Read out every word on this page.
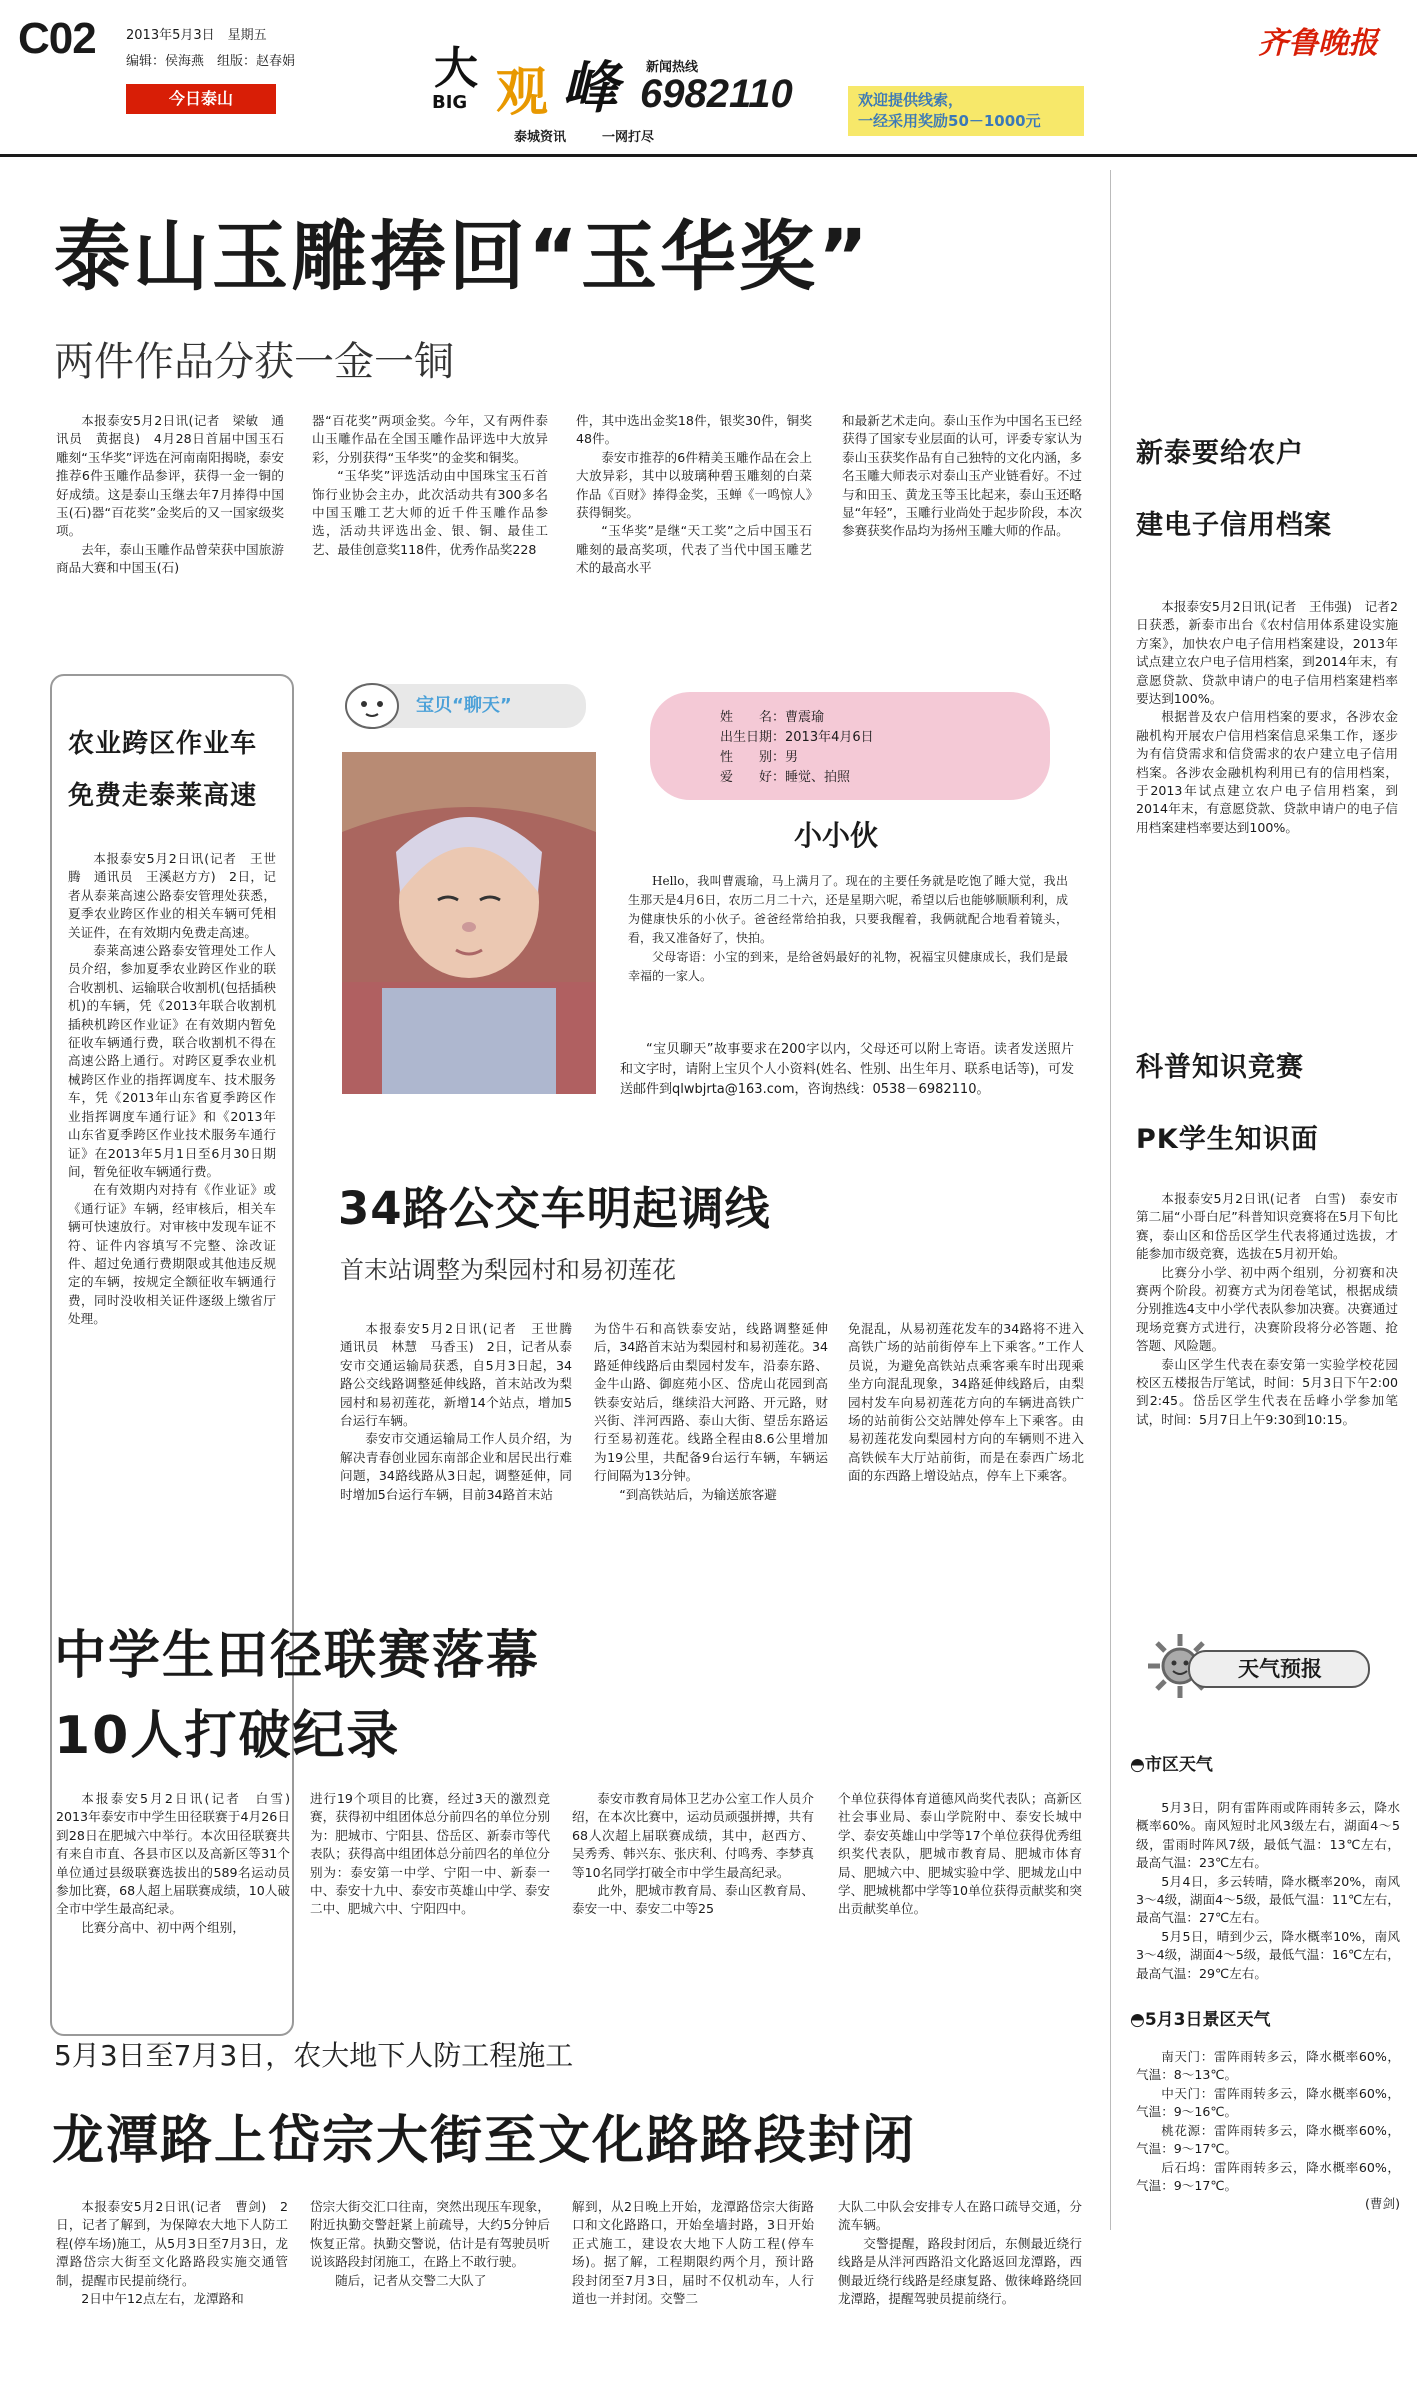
C02 2013年5月3日　星期五
编辑：侯海燕　组版：赵春娟
今日泰山
大
BIG 观 峰 新闻热线
6982110
泰城资讯	一网打尽
欢迎提供线索，
一经采用奖励50－1000元
齐鲁晚报
泰山玉雕捧回“玉华奖”
两件作品分获一金一铜

本报泰安5月2日讯(记者　梁敏　通讯员　黄据良)　4月28日首届中国玉石雕刻“玉华奖”评选在河南南阳揭晓，泰安推荐6件玉雕作品参评，获得一金一铜的好成绩。这是泰山玉继去年7月捧得中国玉(石)器“百花奖”金奖后的又一国家级奖项。

去年，泰山玉雕作品曾荣获中国旅游商品大赛和中国玉(石)

器“百花奖”两项金奖。今年，又有两件泰山玉雕作品在全国玉雕作品评选中大放异彩，分别获得“玉华奖”的金奖和铜奖。

“玉华奖”评选活动由中国珠宝玉石首饰行业协会主办，此次活动共有300多名中国玉雕工艺大师的近千件玉雕作品参选，活动共评选出金、银、铜、最佳工艺、最佳创意奖118件，优秀作品奖228

件，其中选出金奖18件，银奖30件，铜奖48件。

泰安市推荐的6件精美玉雕作品在会上大放异彩，其中以玻璃种碧玉雕刻的白菜作品《百财》捧得金奖，玉蝉《一鸣惊人》获得铜奖。

“玉华奖”是继“天工奖”之后中国玉石雕刻的最高奖项，代表了当代中国玉雕艺术的最高水平

和最新艺术走向。泰山玉作为中国名玉已经获得了国家专业层面的认可，评委专家认为泰山玉获奖作品有自己独特的文化内涵，多名玉雕大师表示对泰山玉产业链看好。不过与和田玉、黄龙玉等玉比起来，泰山玉还略显“年轻”，玉雕行业尚处于起步阶段，本次参赛获奖作品均为扬州玉雕大师的作品。

新泰要给农户
建电子信用档案

本报泰安5月2日讯(记者　王伟强)　记者2日获悉，新泰市出台《农村信用体系建设实施方案》，加快农户电子信用档案建设，2013年试点建立农户电子信用档案，到2014年末，有意愿贷款、贷款申请户的电子信用档案建档率要达到100%。

根据普及农户信用档案的要求，各涉农金融机构开展农户信用档案信息采集工作，逐步为有信贷需求和信贷需求的农户建立电子信用档案。各涉农金融机构利用已有的信用档案，于2013年试点建立农户电子信用档案，到2014年末，有意愿贷款、贷款申请户的电子信用档案建档率要达到100%。

科普知识竞赛
PK学生知识面

本报泰安5月2日讯(记者　白雪)　泰安市第二届“小哥白尼”科普知识竞赛将在5月下旬比赛，泰山区和岱岳区学生代表将通过选拔，才能参加市级竞赛，选拔在5月初开始。

比赛分小学、初中两个组别，分初赛和决赛两个阶段。初赛方式为闭卷笔试，根据成绩分别推选4支中小学代表队参加决赛。决赛通过现场竞赛方式进行，决赛阶段将分必答题、抢答题、风险题。

泰山区学生代表在泰安第一实验学校花园校区五楼报告厅笔试，时间：5月3日下午2:00到2:45。岱岳区学生代表在岳峰小学参加笔试，时间：5月7日上午9:30到10:15。

天气预报
◓市区天气

5月3日，阴有雷阵雨或阵雨转多云，降水概率60%。南风短时北风3级左右，湖面4～5级，雷雨时阵风7级，最低气温：13℃左右，最高气温：23℃左右。

5月4日，多云转晴，降水概率20%，南风3～4级，湖面4～5级，最低气温：11℃左右，最高气温：27℃左右。

5月5日，晴到少云，降水概率10%，南风3～4级，湖面4～5级，最低气温：16℃左右，最高气温：29℃左右。

◓5月3日景区天气

南天门：雷阵雨转多云，降水概率60%，气温：8～13℃。

中天门：雷阵雨转多云，降水概率60%，气温：9～16℃。

桃花源：雷阵雨转多云，降水概率60%，气温：9～17℃。

后石坞：雷阵雨转多云，降水概率60%，气温：9～17℃。

(曹剑)

农业跨区作业车
免费走泰莱高速

本报泰安5月2日讯(记者　王世腾　通讯员　王溪赵方方)　2日，记者从泰莱高速公路泰安管理处获悉，夏季农业跨区作业的相关车辆可凭相关证件，在有效期内免费走高速。

泰莱高速公路泰安管理处工作人员介绍，参加夏季农业跨区作业的联合收割机、运输联合收割机(包括插秧机)的车辆，凭《2013年联合收割机插秧机跨区作业证》在有效期内暂免征收车辆通行费，联合收割机不得在高速公路上通行。对跨区夏季农业机械跨区作业的指挥调度车、技术服务车，凭《2013年山东省夏季跨区作业指挥调度车通行证》和《2013年山东省夏季跨区作业技术服务车通行证》在2013年5月1日至6月30日期间，暂免征收车辆通行费。

在有效期内对持有《作业证》或《通行证》车辆，经审核后，相关车辆可快速放行。对审核中发现车证不符、证件内容填写不完整、涂改证件、超过免通行费期限或其他违反规定的车辆，按规定全额征收车辆通行费，同时没收相关证件逐级上缴省厅处理。

宝贝“聊天”
姓　　名：曹震瑜
出生日期：2013年4月6日
性　　别：男
爱　　好：睡觉、拍照
小小伙

Hello，我叫曹震瑜，马上满月了。现在的主要任务就是吃饱了睡大觉，我出生那天是4月6日，农历二月二十六，还是星期六呢，希望以后也能够顺顺利利，成为健康快乐的小伙子。爸爸经常给拍我，只要我醒着，我俩就配合地看着镜头，看，我又准备好了，快拍。

父母寄语：小宝的到来，是给爸妈最好的礼物，祝福宝贝健康成长，我们是最幸福的一家人。

“宝贝聊天”故事要求在200字以内，父母还可以附上寄语。读者发送照片和文字时，请附上宝贝个人小资料(姓名、性别、出生年月、联系电话等)，可发送邮件到qlwbjrta@163.com，咨询热线：0538－6982110。

34路公交车明起调线
首末站调整为梨园村和易初莲花

本报泰安5月2日讯(记者　王世腾　通讯员　林慧　马香玉)　2日，记者从泰安市交通运输局获悉，自5月3日起，34路公交线路调整延伸线路，首末站改为梨园村和易初莲花，新增14个站点，增加5台运行车辆。

泰安市交通运输局工作人员介绍，为解决青春创业园东南部企业和居民出行难问题，34路线路从3日起，调整延伸，同时增加5台运行车辆，目前34路首末站

为岱牛石和高铁泰安站，线路调整延伸后，34路首末站为梨园村和易初莲花。34路延伸线路后由梨园村发车，沿泰东路、金牛山路、御庭苑小区、岱虎山花园到高铁泰安站后，继续沿大河路、开元路，财兴街、泮河西路、泰山大街、望岳东路运行至易初莲花。线路全程由8.6公里增加为19公里，共配备9台运行车辆，车辆运行间隔为13分钟。

“到高铁站后，为输送旅客避

免混乱，从易初莲花发车的34路将不进入高铁广场的站前街停车上下乘客。”工作人员说，为避免高铁站点乘客乘车时出现乘坐方向混乱现象，34路延伸线路后，由梨园村发车向易初莲花方向的车辆进高铁广场的站前街公交站牌处停车上下乘客。由易初莲花发向梨园村方向的车辆则不进入高铁候车大厅站前街，而是在泰西广场北面的东西路上增设站点，停车上下乘客。

中学生田径联赛落幕
10人打破纪录

本报泰安5月2日讯(记者　白雪)　2013年泰安市中学生田径联赛于4月26日到28日在肥城六中举行。本次田径联赛共有来自市直、各县市区以及高新区等31个单位通过县级联赛选拔出的589名运动员参加比赛，68人超上届联赛成绩，10人破全市中学生最高纪录。

比赛分高中、初中两个组别，

进行19个项目的比赛，经过3天的激烈竞赛，获得初中组团体总分前四名的单位分别为：肥城市、宁阳县、岱岳区、新泰市等代表队；获得高中组团体总分前四名的单位分别为：泰安第一中学、宁阳一中、新泰一中、泰安十九中、泰安市英雄山中学、泰安二中、肥城六中、宁阳四中。

泰安市教育局体卫艺办公室工作人员介绍，在本次比赛中，运动员顽强拼搏，共有68人次超上届联赛成绩，其中，赵西方、吴秀秀、韩兴东、张庆利、付鸣秀、李梦真等10名同学打破全市中学生最高纪录。

此外，肥城市教育局、泰山区教育局、泰安一中、泰安二中等25

个单位获得体育道德风尚奖代表队；高新区社会事业局、泰山学院附中、泰安长城中学、泰安英雄山中学等17个单位获得优秀组织奖代表队，肥城市教育局、肥城市体育局、肥城六中、肥城实验中学、肥城龙山中学、肥城桃都中学等10单位获得贡献奖和突出贡献奖单位。

5月3日至7月3日，农大地下人防工程施工
龙潭路上岱宗大街至文化路路段封闭

本报泰安5月2日讯(记者　曹剑)　2日，记者了解到，为保障农大地下人防工程(停车场)施工，从5月3日至7月3日，龙潭路岱宗大街至文化路路段实施交通管制，提醒市民提前绕行。

2日中午12点左右，龙潭路和

岱宗大街交汇口往南，突然出现压车现象，附近执勤交警赶紧上前疏导，大约5分钟后恢复正常。执勤交警说，估计是有驾驶员听说该路段封闭施工，在路上不敢行驶。

随后，记者从交警二大队了

解到，从2日晚上开始，龙潭路岱宗大街路口和文化路路口，开始垒墙封路，3日开始正式施工，建设农大地下人防工程(停车场)。据了解，工程期限约两个月，预计路段封闭至7月3日，届时不仅机动车，人行道也一并封闭。交警二

大队二中队会安排专人在路口疏导交通，分流车辆。

交警提醒，路段封闭后，东侧最近绕行线路是从泮河西路沿文化路返回龙潭路，西侧最近绕行线路是经康复路、傲徕峰路绕回龙潭路，提醒驾驶员提前绕行。
